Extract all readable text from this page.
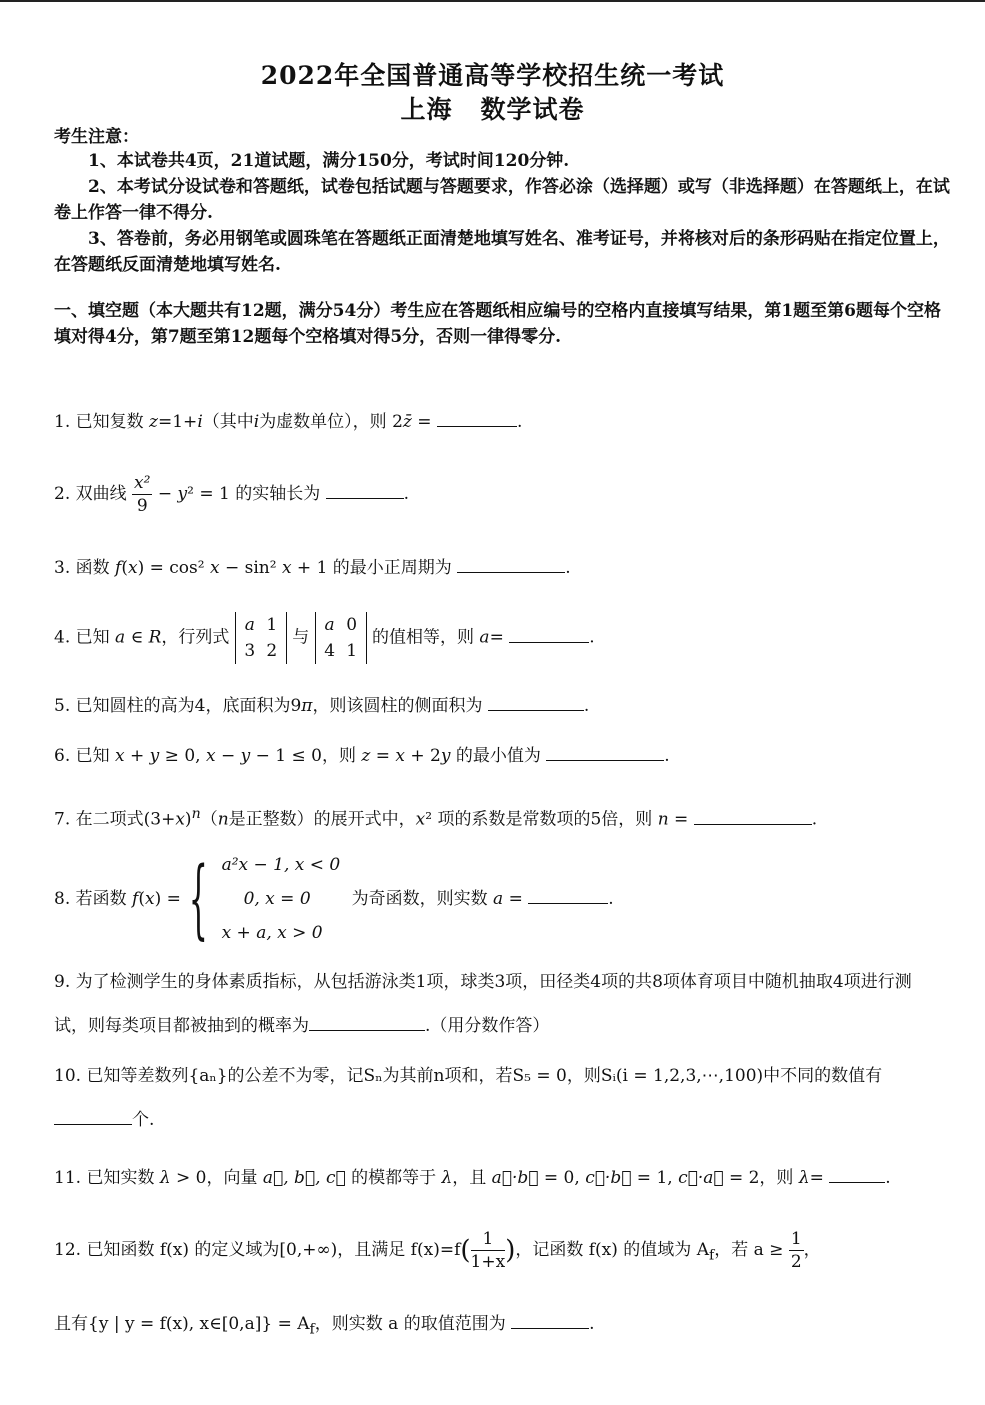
2022年全国普通高等学校招生统一考试
上海 数学试卷
考生注意：
1、本试卷共4页，21道试题，满分150分，考试时间120分钟.
2、本考试分设试卷和答题纸，试卷包括试题与答题要求，作答必涂（选择题）或写（非选择题）在答题纸上，在试卷上作答一律不得分.
3、答卷前，务必用钢笔或圆珠笔在答题纸正面清楚地填写姓名、准考证号，并将核对后的条形码贴在指定位置上，在答题纸反面清楚地填写姓名.
一、填空题（本大题共有12题，满分54分）考生应在答题纸相应编号的空格内直接填写结果，第1题至第6题每个空格填对得4分，第7题至第12题每个空格填对得5分，否则一律得零分.
1. 已知复数 z=1+i（其中i为虚数单位），则 2z̄ =	.
2. 双曲线 $\frac{\text{x²}}{9} - y^2 = 1$ 的实轴长为	.
3. 函数 f(x) = cos² x − sin² x + 1 的最小正周期为	.
4. 已知 a ∈ R，行列式 a 1
3 2 与 a 0
4 1 的值相等，则 a=	.
5. 已知圆柱的高为4，底面积为9π，则该圆柱的侧面积为	.
6. 已知 x + y ≥ 0, x − y − 1 ≤ 0，则 z = x + 2y 的最小值为	.
7. 在二项式$(3+x)^n(n$是正整数）的展开式中，x² 项的系数是常数项的5倍，则 n =	.
8. 若函数 f(x) ={ a²x − 1, x < 0
0, x = 0
x + a, x > 0 为奇函数，则实数 a =	.
9. 为了检测学生的身体素质指标，从包括游泳类1项，球类3项，田径类4项的共8项体育项目中随机抽取4项进行测试，则每类项目都被抽到的概率为	.（用分数作答）
10. 已知等差数列{aₙ}的公差不为零，记Sₙ为其前n项和，若S₅ = 0，则Sᵢ(i = 1,2,3,⋯,100)中不同的数值有个.
11. 已知实数 λ > 0，向量 a⃗, b⃗, c⃗ 的模都等于 λ，且 a⃗·b⃗ = 0, c⃗·b⃗ = 1, c⃗·a⃗ = 2，则 λ=	.
12. 已知函数 f(x) 的定义域为[0,+∞)，且满足 $f(x)=f( \frac{1}{1+x}$ )，记函数 f(x) 的值域为 $A_f$，若 $a \ge \frac{1}{2}$ ，
且有{y | y = f(x), x∈[0,a]} = $A_f$，则实数 a 的取值范围为	.
